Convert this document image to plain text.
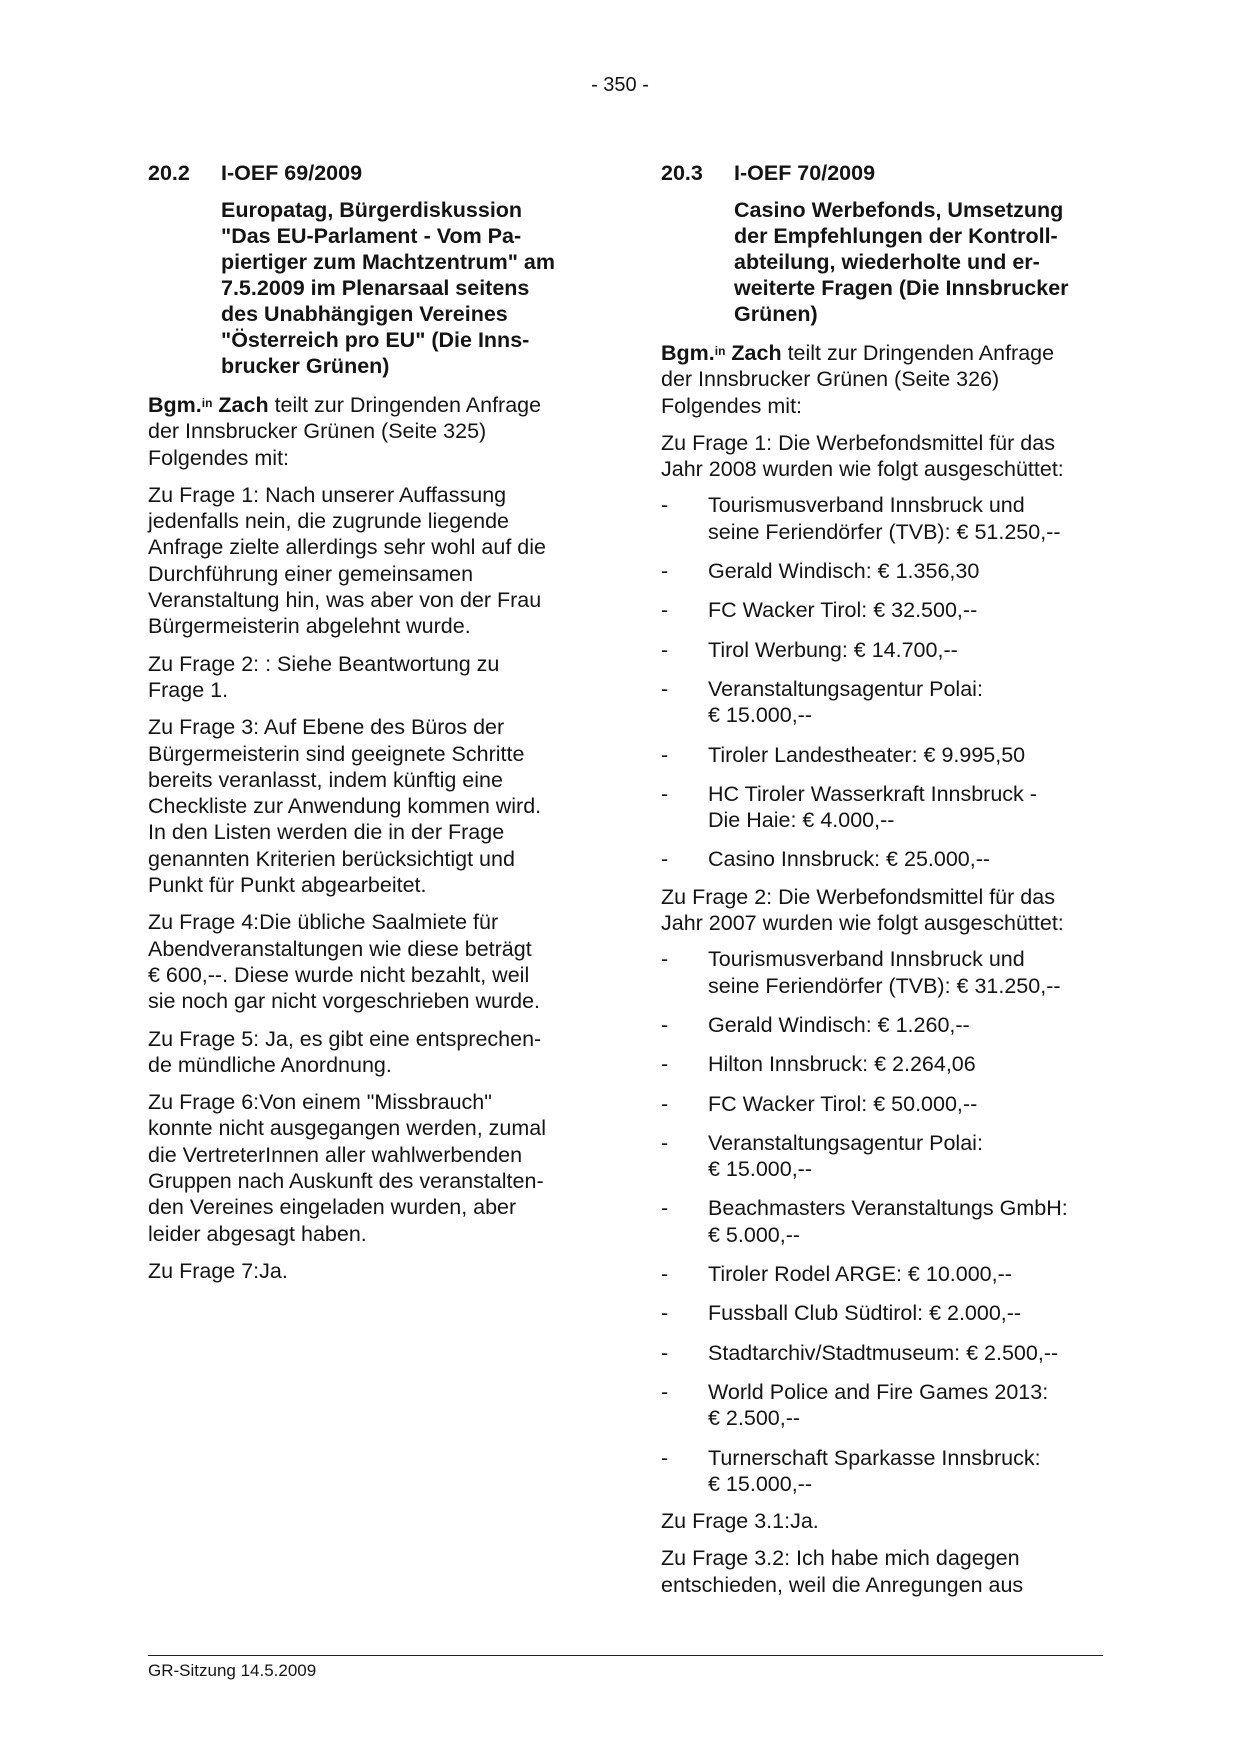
- 350 -
20.2	I-OEF 69/2009
Europatag, Bürgerdiskussion
"Das EU-Parlament - Vom Pa-
piertiger zum Machtzentrum" am
7.5.2009 im Plenarsaal seitens
des Unabhängigen Vereines
"Österreich pro EU" (Die Inns-
brucker Grünen)

Bgm.$^{in}$ Zach teilt zur Dringenden Anfrage
der Innsbrucker Grünen (Seite 325)
Folgendes mit:

Zu Frage 1: Nach unserer Auffassung
jedenfalls nein, die zugrunde liegende
Anfrage zielte allerdings sehr wohl auf die
Durchführung einer gemeinsamen
Veranstaltung hin, was aber von der Frau
Bürgermeisterin abgelehnt wurde.

Zu Frage 2: : Siehe Beantwortung zu
Frage 1.

Zu Frage 3: Auf Ebene des Büros der
Bürgermeisterin sind geeignete Schritte
bereits veranlasst, indem künftig eine
Checkliste zur Anwendung kommen wird.
In den Listen werden die in der Frage
genannten Kriterien berücksichtigt und
Punkt für Punkt abgearbeitet.

Zu Frage 4:Die übliche Saalmiete für
Abendveranstaltungen wie diese beträgt
€ 600,--. Diese wurde nicht bezahlt, weil
sie noch gar nicht vorgeschrieben wurde.

Zu Frage 5: Ja, es gibt eine entsprechen-
de mündliche Anordnung.

Zu Frage 6:Von einem "Missbrauch"
konnte nicht ausgegangen werden, zumal
die VertreterInnen aller wahlwerbenden
Gruppen nach Auskunft des veranstalten-
den Vereines eingeladen wurden, aber
leider abgesagt haben.

Zu Frage 7:Ja.

20.3	I-OEF 70/2009
Casino Werbefonds, Umsetzung
der Empfehlungen der Kontroll-
abteilung, wiederholte und er-
weiterte Fragen (Die Innsbrucker
Grünen)

Bgm.$^{in}$ Zach teilt zur Dringenden Anfrage
der Innsbrucker Grünen (Seite 326)
Folgendes mit:

Zu Frage 1: Die Werbefondsmittel für das
Jahr 2008 wurden wie folgt ausgeschüttet:

-	Tourismusverband Innsbruck und
seine Feriendörfer (TVB): € 51.250,--
-	Gerald Windisch: € 1.356,30
-	FC Wacker Tirol: € 32.500,--
-	Tirol Werbung: € 14.700,--
-	Veranstaltungsagentur Polai:
€ 15.000,--
-	Tiroler Landestheater: € 9.995,50
-	HC Tiroler Wasserkraft Innsbruck -
Die Haie: € 4.000,--
-	Casino Innsbruck: € 25.000,--

Zu Frage 2: Die Werbefondsmittel für das
Jahr 2007 wurden wie folgt ausgeschüttet:

-	Tourismusverband Innsbruck und
seine Feriendörfer (TVB): € 31.250,--
-	Gerald Windisch: € 1.260,--
-	Hilton Innsbruck: € 2.264,06
-	FC Wacker Tirol: € 50.000,--
-	Veranstaltungsagentur Polai:
€ 15.000,--
-	Beachmasters Veranstaltungs GmbH:
€ 5.000,--
-	Tiroler Rodel ARGE: € 10.000,--
-	Fussball Club Südtirol: € 2.000,--
-	Stadtarchiv/Stadtmuseum: € 2.500,--
-	World Police and Fire Games 2013:
€ 2.500,--
-	Turnerschaft Sparkasse Innsbruck:
€ 15.000,--

Zu Frage 3.1:Ja.

Zu Frage 3.2: Ich habe mich dagegen
entschieden, weil die Anregungen aus

GR-Sitzung 14.5.2009
